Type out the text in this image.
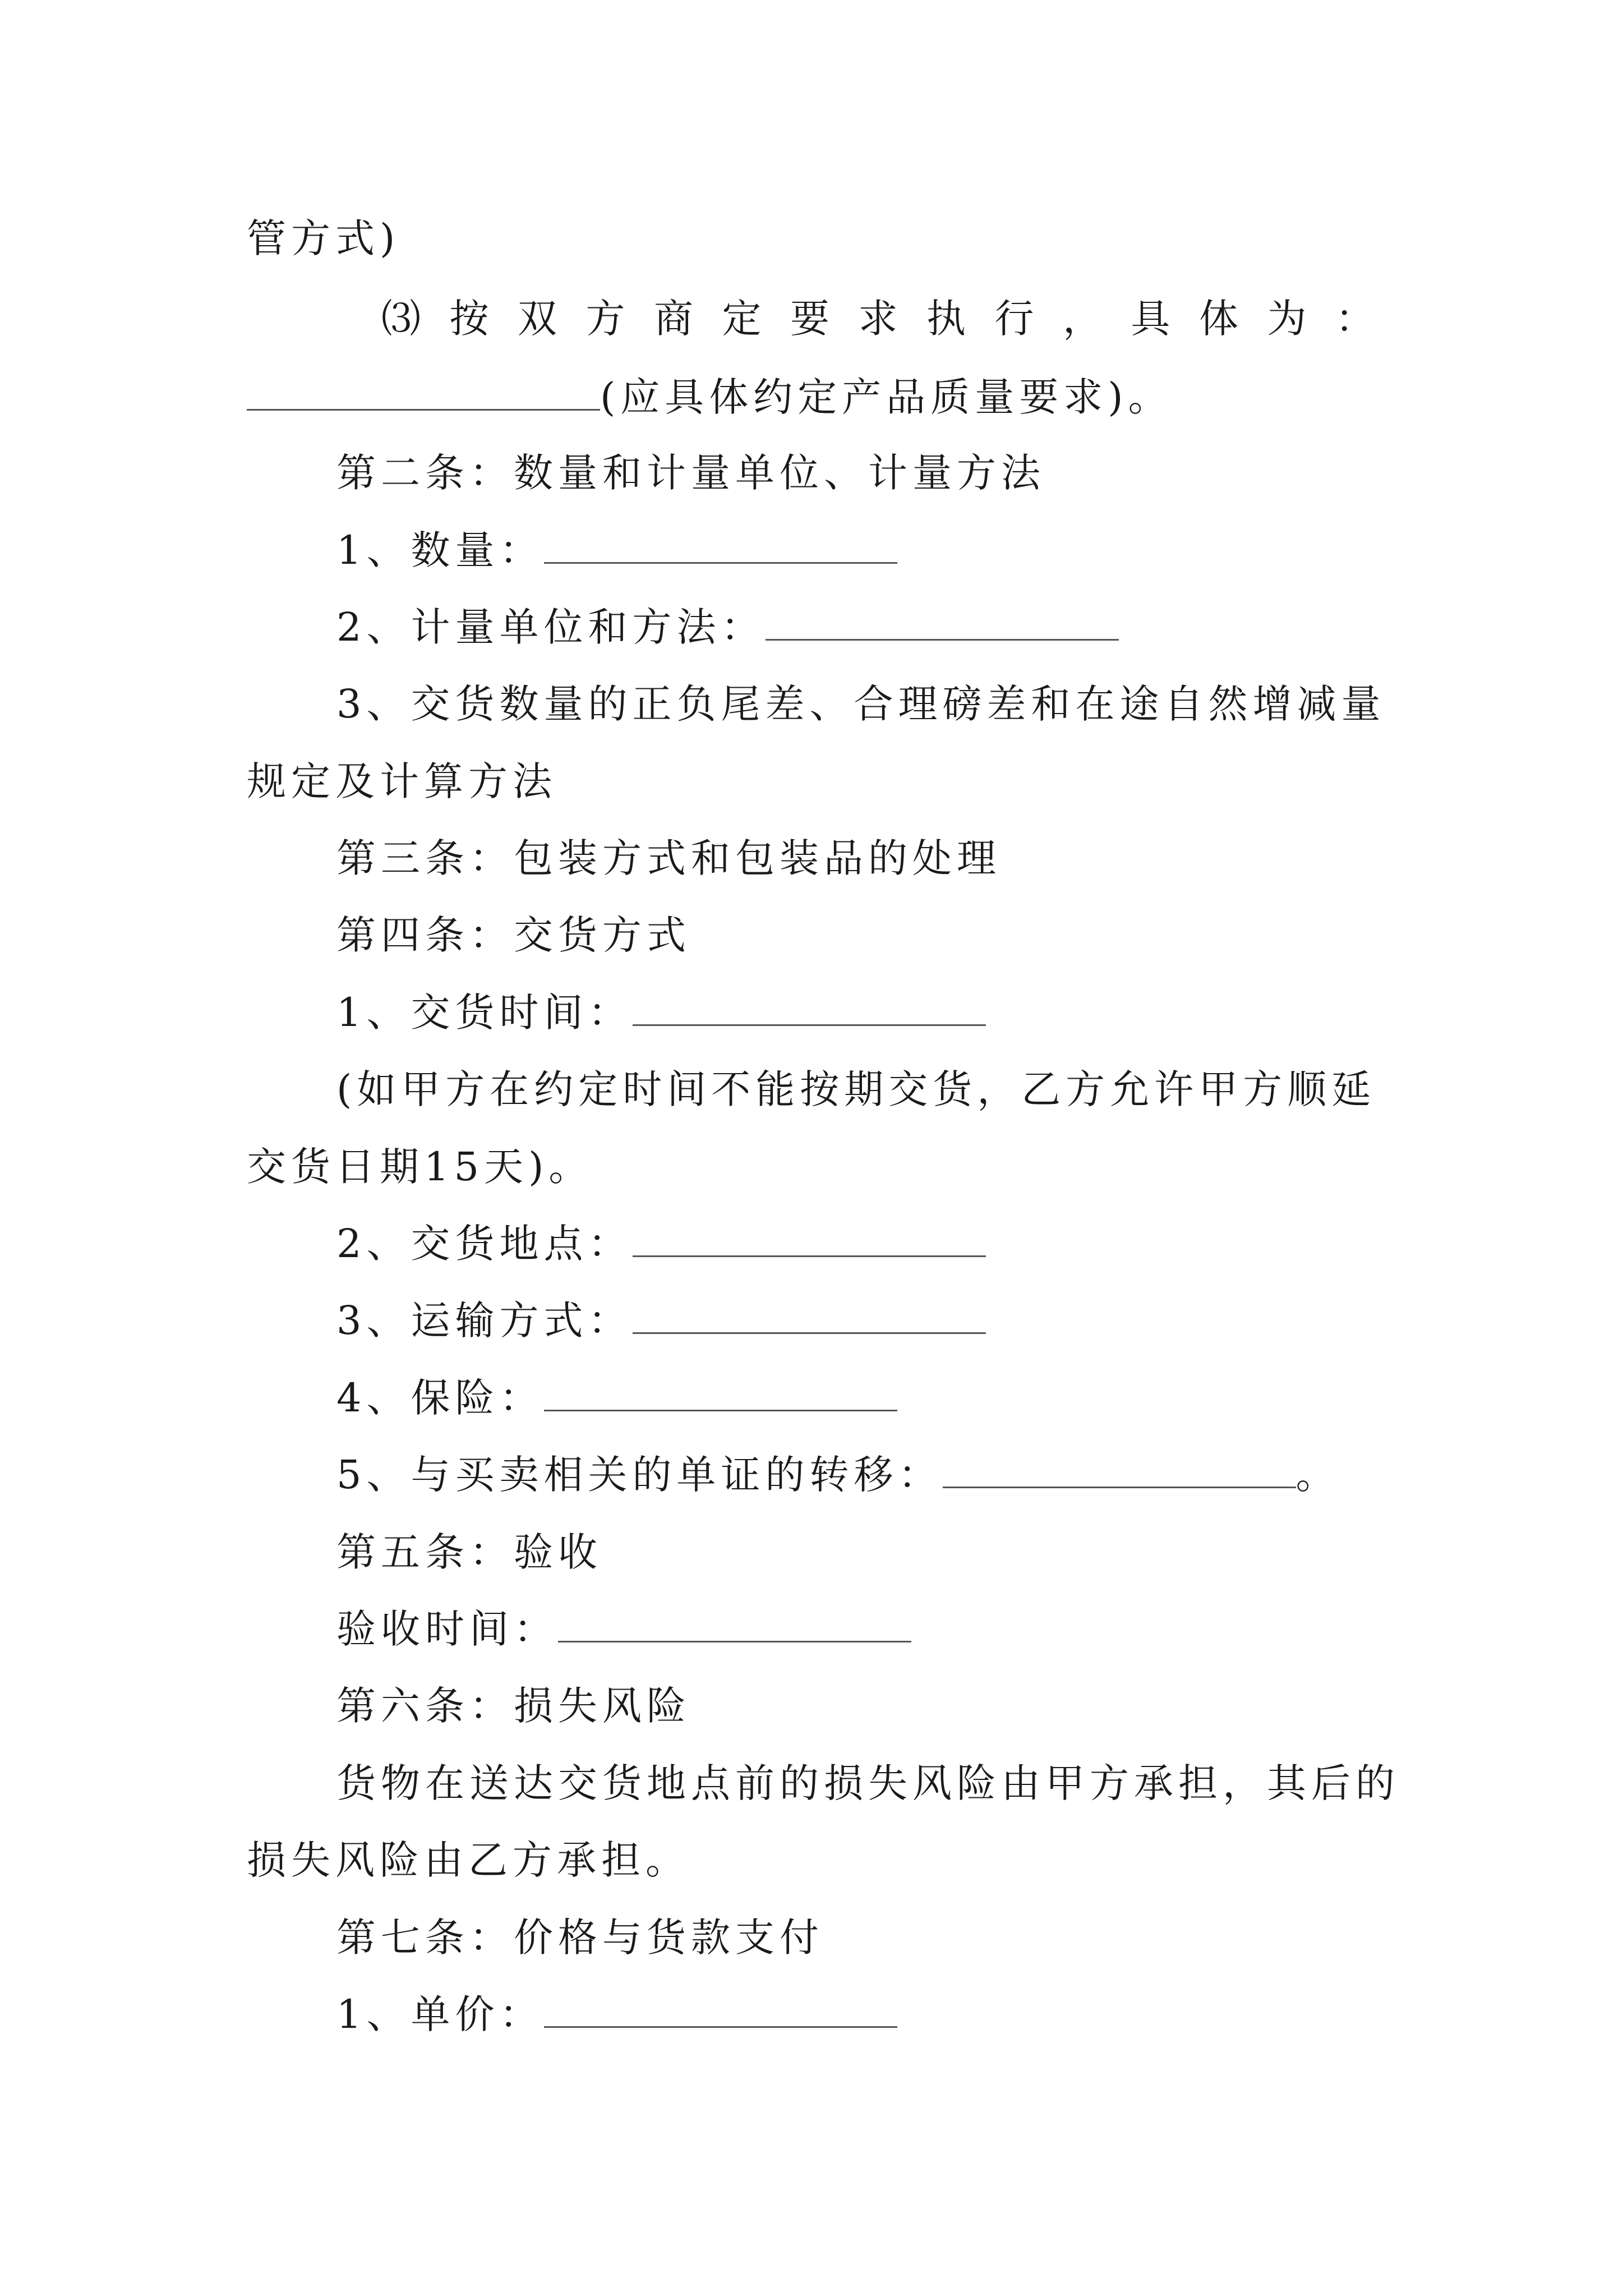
管方式)
⑶ 按 双 方 商 定 要 求 执 行 ， 具 体 为 ：
(应具体约定产品质量要求)。
第二条：数量和计量单位、计量方法
1、数量：
2、计量单位和方法：
3、交货数量的正负尾差、合理磅差和在途自然增减量
规定及计算方法
第三条：包装方式和包装品的处理
第四条：交货方式
1、交货时间：
(如甲方在约定时间不能按期交货，乙方允许甲方顺延
交货日期15天)。
2、交货地点：
3、运输方式：
4、保险：
5、与买卖相关的单证的转移：	。
第五条：验收
验收时间：
第六条：损失风险
货物在送达交货地点前的损失风险由甲方承担，其后的
损失风险由乙方承担。
第七条：价格与货款支付
1、单价：
